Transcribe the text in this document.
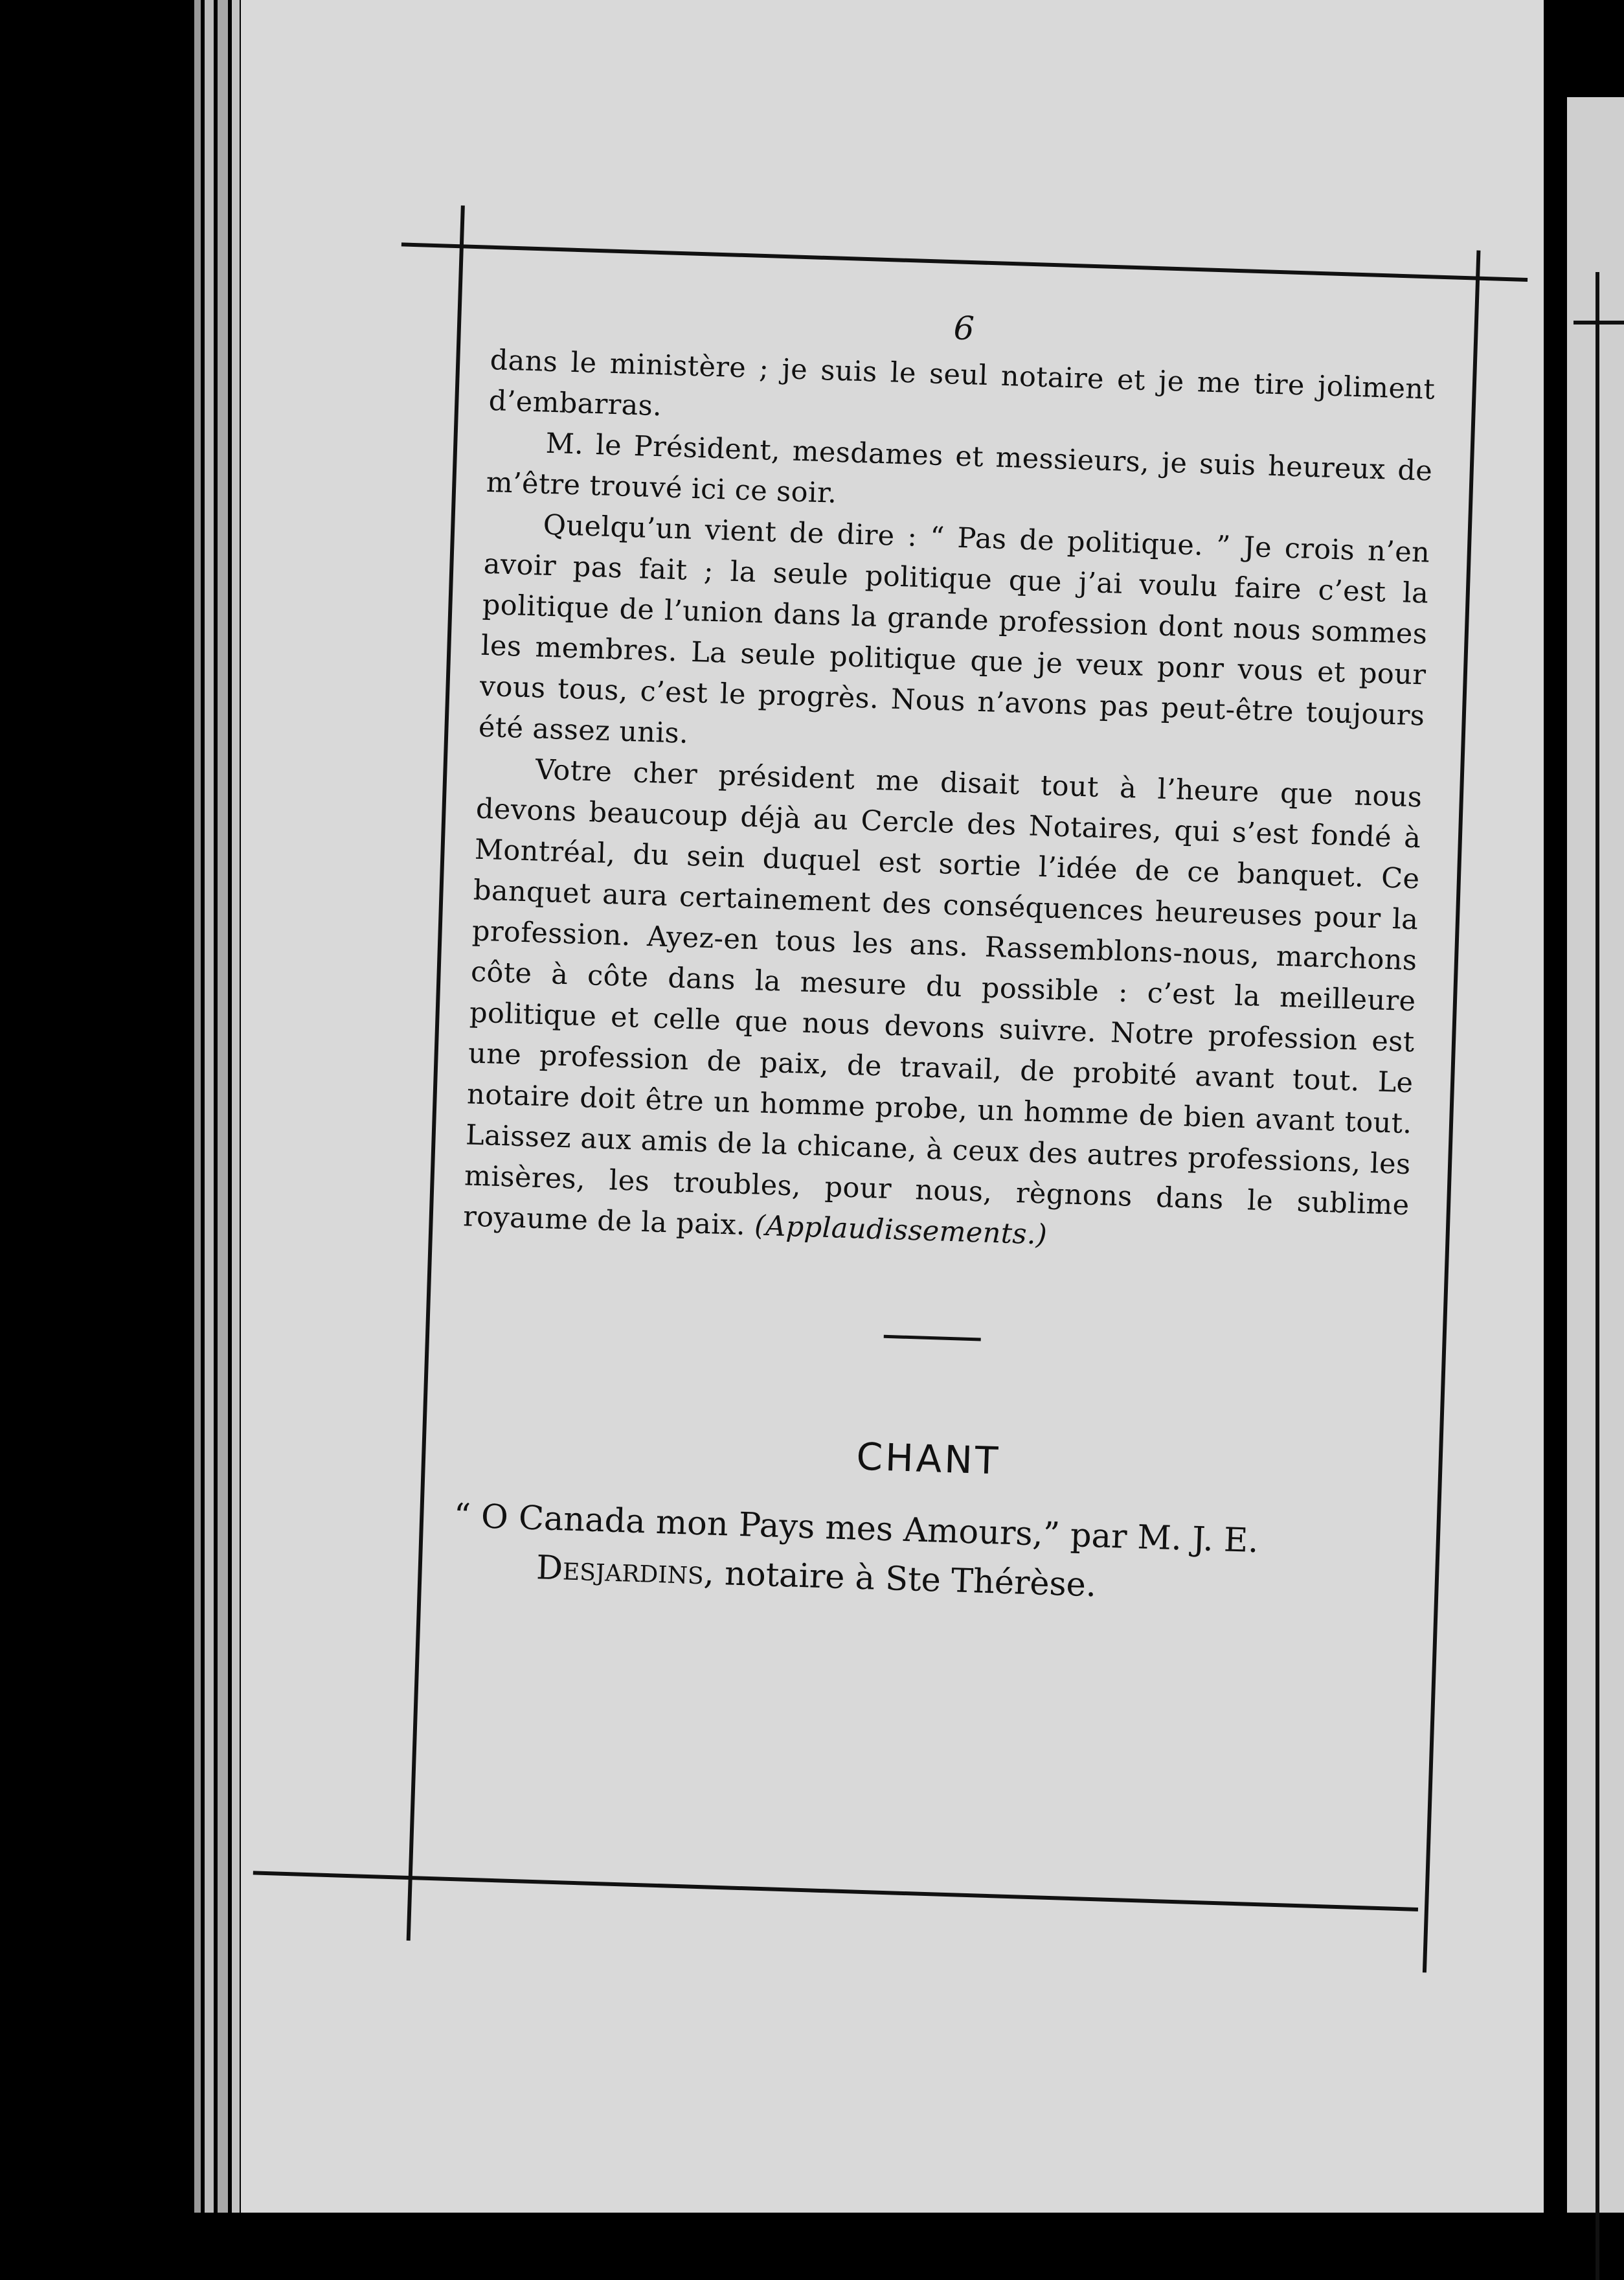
6

dans le ministère ; je suis le seul notaire et je me tire joliment d’embarras.

M. le Président, mesdames et messieurs, je suis heureux de m’être trouvé ici ce soir.

Quelqu’un vient de dire : “ Pas de politique. ” Je crois n’en avoir pas fait ; la seule politique que j’ai voulu faire c’est la politique de l’union dans la grande profession dont nous sommes les membres. La seule politique que je veux ponr vous et pour vous tous, c’est le progrès. Nous n’avons pas peut-être toujours été assez unis.

Votre cher président me disait tout à l’heure que nous devons beaucoup déjà au Cercle des Notaires, qui s’est fondé à Montréal, du sein duquel est sortie l’idée de ce banquet. Ce banquet aura certainement des conséquences heureuses pour la profession. Ayez-en tous les ans. Rassemblons-nous, marchons côte à côte dans la mesure du possible : c’est la meilleure politique et celle que nous devons suivre. Notre profession est une profession de paix, de travail, de probité avant tout. Le notaire doit être un homme probe, un homme de bien avant tout. Laissez aux amis de la chicane, à ceux des autres professions, les misères, les troubles, pour nous, règnons dans le sublime royaume de la paix. (Applaudissements.)

CHANT

“ O Canada mon Pays mes Amours,” par M. J. E.

Desjardins, notaire à Ste Thérèse.
